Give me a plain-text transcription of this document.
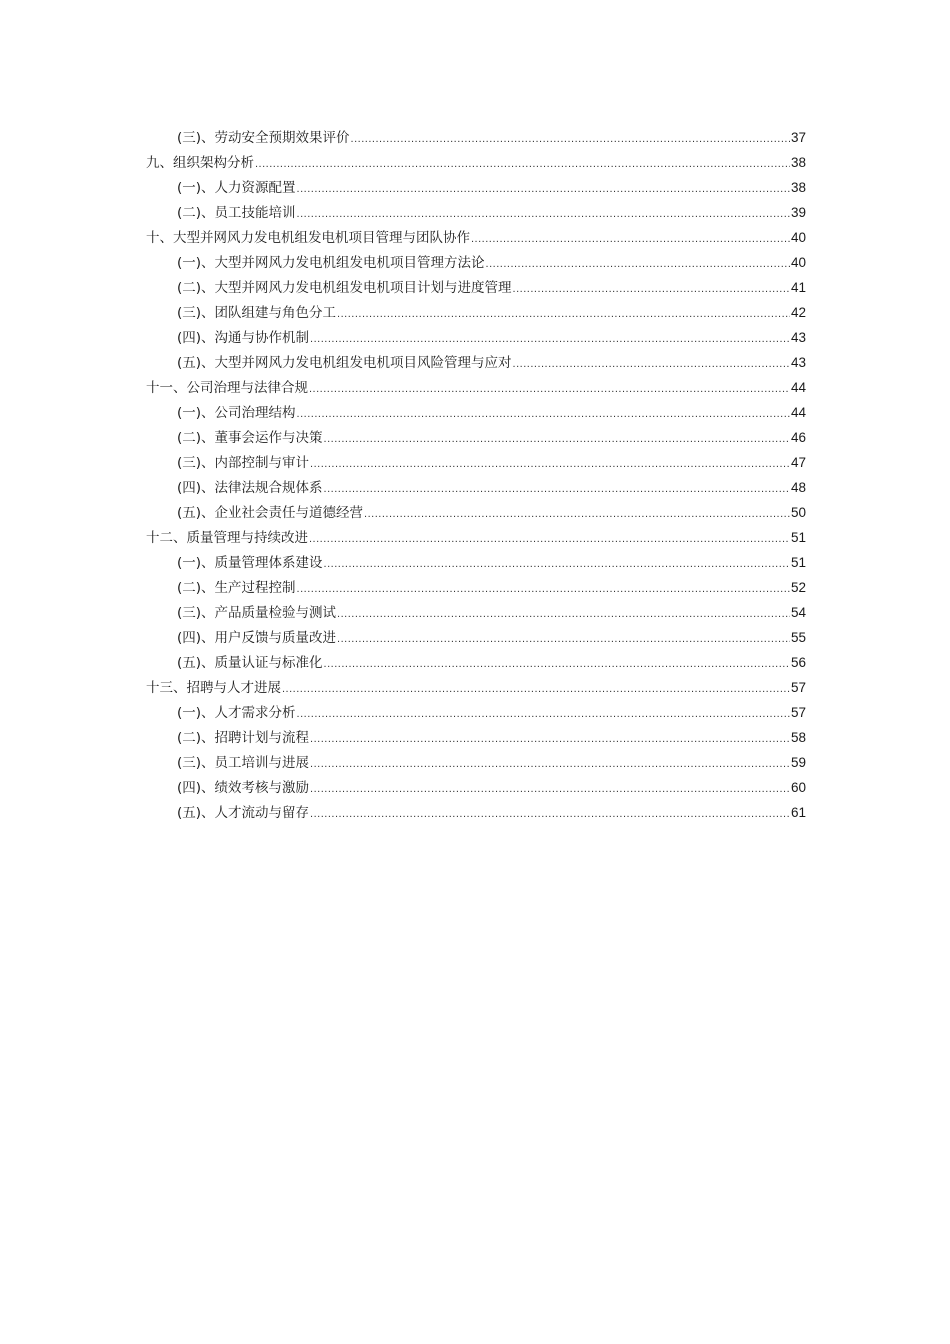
(三)、劳动安全预期效果评价 .....	37
九、组织架构分析 .....	38
(一)、人力资源配置 .....	38
(二)、员工技能培训 .....	39
十、大型并网风力发电机组发电机项目管理与团队协作 .....	40
(一)、大型并网风力发电机组发电机项目管理方法论 .....	40
(二)、大型并网风力发电机组发电机项目计划与进度管理 .....	41
(三)、团队组建与角色分工 .....	42
(四)、沟通与协作机制 .....	43
(五)、大型并网风力发电机组发电机项目风险管理与应对 .....	43
十一、公司治理与法律合规 .....	44
(一)、公司治理结构 .....	44
(二)、董事会运作与决策 .....	46
(三)、内部控制与审计 .....	47
(四)、法律法规合规体系 .....	48
(五)、企业社会责任与道德经营 .....	50
十二、质量管理与持续改进 .....	51
(一)、质量管理体系建设 .....	51
(二)、生产过程控制 .....	52
(三)、产品质量检验与测试 .....	54
(四)、用户反馈与质量改进 .....	55
(五)、质量认证与标准化 .....	56
十三、招聘与人才进展 .....	57
(一)、人才需求分析 .....	57
(二)、招聘计划与流程 .....	58
(三)、员工培训与进展 .....	59
(四)、绩效考核与激励 .....	60
(五)、人才流动与留存 .....	61
